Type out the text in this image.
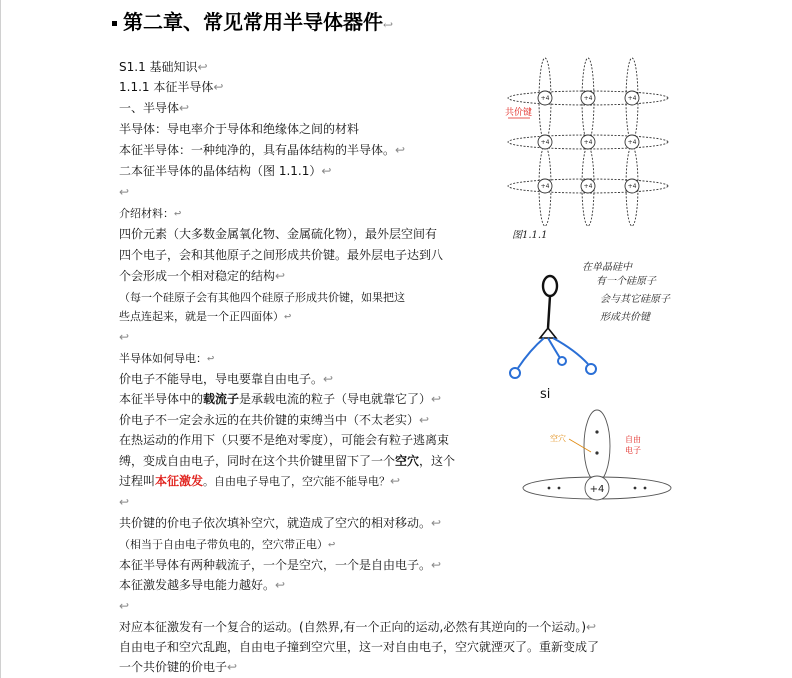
第二章、常见常用半导体器件↩
S1.1 基础知识↩
1.1.1 本征半导体↩
一、半导体↩
半导体：导电率介于导体和绝缘体之间的材料
本征半导体：一种纯净的，具有晶体结构的半导体。↩
二本征半导体的晶体结构（图 1.1.1）↩
↩
介绍材料：↩
四价元素（大多数金属氧化物、金属硫化物），最外层空间有
四个电子，会和其他原子之间形成共价键。最外层电子达到八
个会形成一个相对稳定的结构↩
（每一个硅原子会有其他四个硅原子形成共价键，如果把这
些点连起来，就是一个正四面体）↩
↩
半导体如何导电：↩
价电子不能导电，导电要靠自由电子。↩
本征半导体中的载流子是承载电流的粒子（导电就靠它了）↩
价电子不一定会永远的在共价键的束缚当中（不太老实）↩
在热运动的作用下（只要不是绝对零度），可能会有粒子逃离束
缚，变成自由电子，同时在这个共价键里留下了一个空穴，这个
过程叫本征激发。自由电子导电了，空穴能不能导电？↩
↩
共价键的价电子依次填补空穴，就造成了空穴的相对移动。↩
（相当于自由电子带负电的，空穴带正电）↩
本征半导体有两种载流子，一个是空穴，一个是自由电子。↩
本征激发越多导电能力越好。↩
↩
对应本征激发有一个复合的运动。(自然界,有一个正向的运动,必然有其逆向的一个运动。)↩
自由电子和空穴乱跑，自由电子撞到空穴里，这一对自由电子，空穴就湮灭了。重新变成了
一个共价键的价电子↩
+4	+4	+4
+4	+4	+4
+4	+4	+4
共价键
图1.1.1
si
在单晶硅中
有一个硅原子
会与其它硅原子
形成共价键
+4
空穴	自由
电子
